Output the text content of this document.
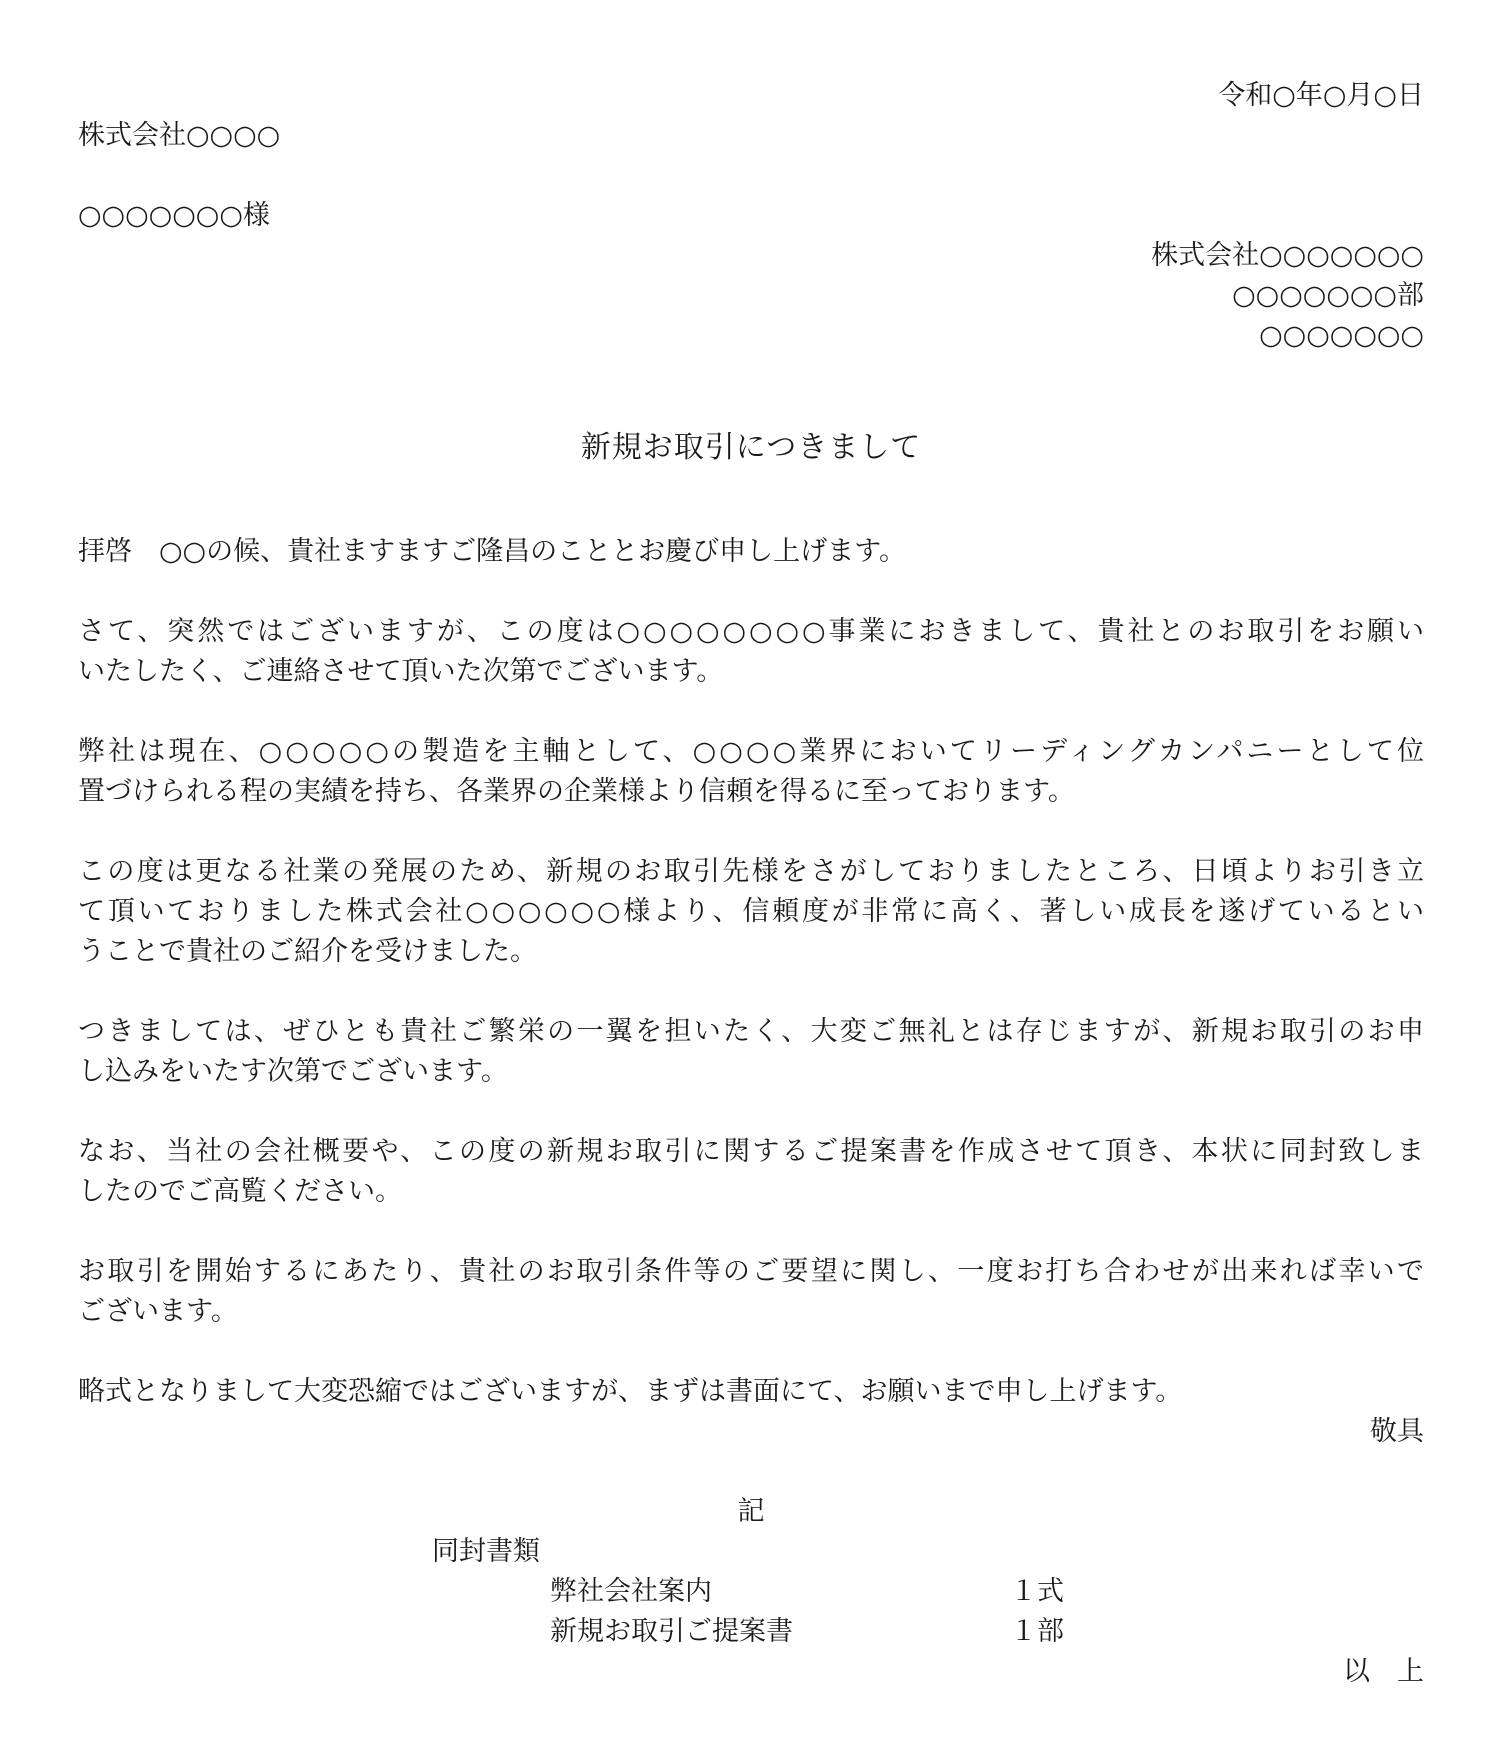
令和○年○月○日
株式会社○○○○
○○○○○○○様
株式会社○○○○○○○
○○○○○○○部
○○○○○○○
新規お取引につきまして
拝啓　○○の候、貴社ますますご隆昌のこととお慶び申し上げます。
さて、突然ではございますが、この度は○○○○○○○○事業におきまして、貴社とのお取引をお願い
いたしたく、ご連絡させて頂いた次第でございます。
弊社は現在、○○○○○の製造を主軸として、○○○○業界においてリーディングカンパニーとして位
置づけられる程の実績を持ち、各業界の企業様より信頼を得るに至っております。
この度は更なる社業の発展のため、新規のお取引先様をさがしておりましたところ、日頃よりお引き立
て頂いておりました株式会社○○○○○○様より、信頼度が非常に高く、著しい成長を遂げているとい
うことで貴社のご紹介を受けました。
つきましては、ぜひとも貴社ご繁栄の一翼を担いたく、大変ご無礼とは存じますが、新規お取引のお申
し込みをいたす次第でございます。
なお、当社の会社概要や、この度の新規お取引に関するご提案書を作成させて頂き、本状に同封致しま
したのでご高覧ください。
お取引を開始するにあたり、貴社のお取引条件等のご要望に関し、一度お打ち合わせが出来れば幸いで
ございます。
略式となりまして大変恐縮ではございますが、まずは書面にて、お願いまで申し上げます。
敬具
記
同封書類
弊社会社案内	１式
新規お取引ご提案書	１部
以　上
